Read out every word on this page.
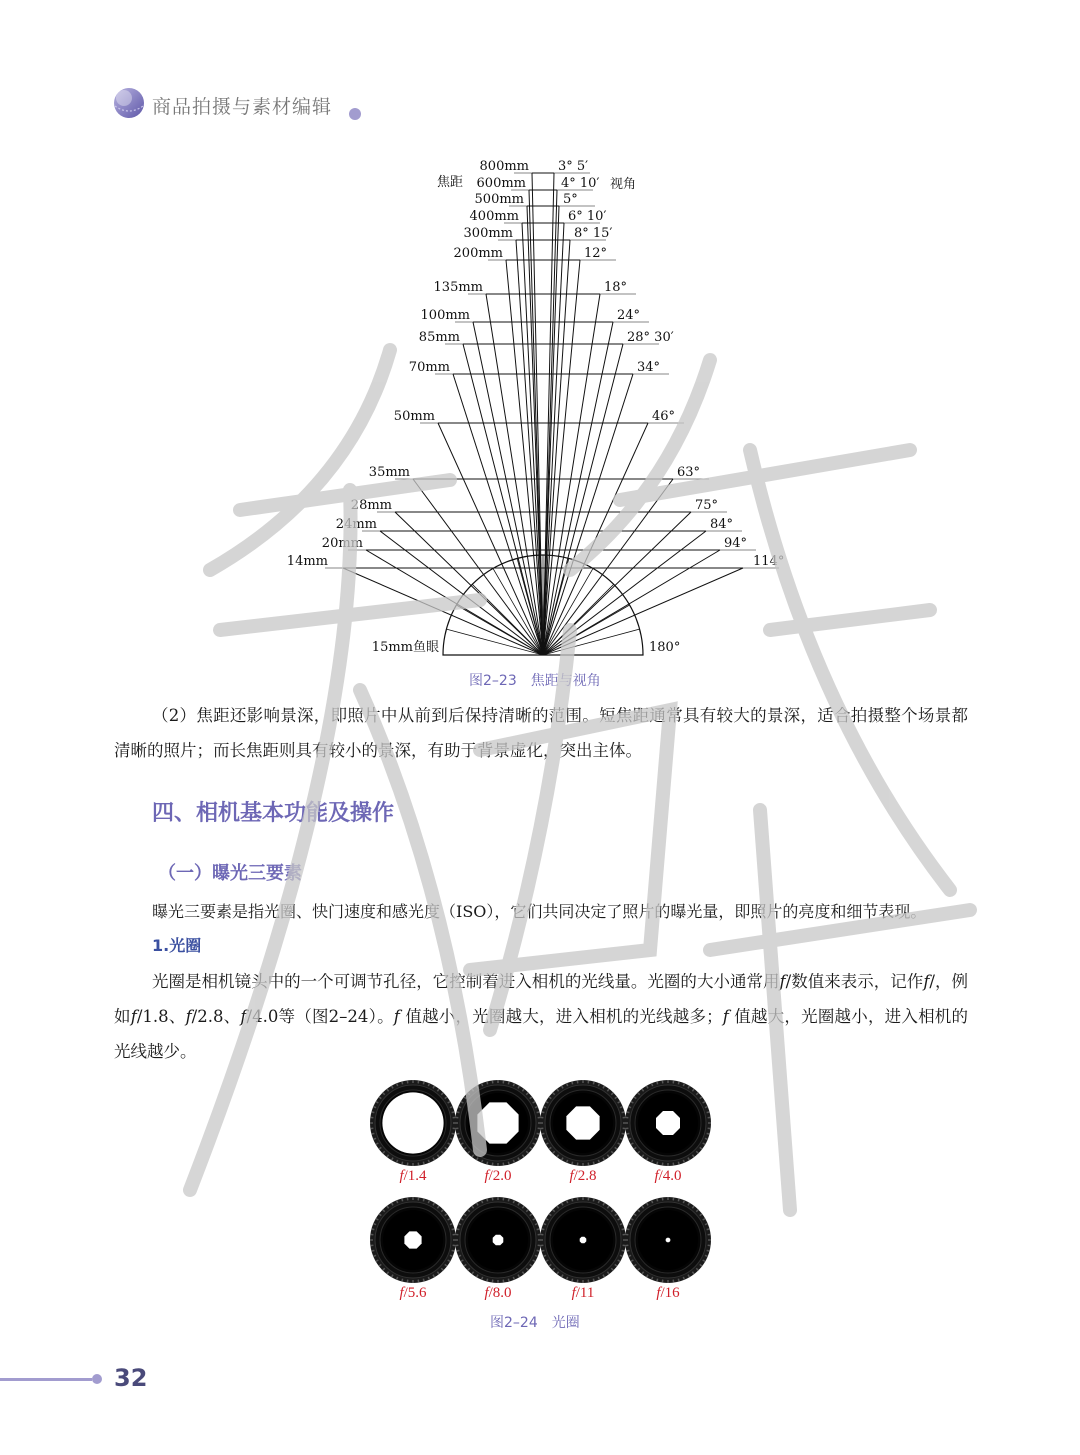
商品拍摄与素材编辑
800mm 3° 5′
600mm	4° 10′
500mm	5°
400mm	6° 10′
300mm	8° 15′
200mm	12°
135mm	18°
100mm	24°
85mm	28° 30′
70mm	34°
50mm	46°
35mm	63°
28mm	75°
24mm	84°
20mm	94°
14mm	114°
15mm鱼眼	180°
焦距	视角
图2–23　焦距与视角
（2）焦距还影响景深，即照片中从前到后保持清晰的范围。短焦距通常具有较大的景深，适合拍摄整个场景都清晰的照片；而长焦距则具有较小的景深，有助于背景虚化，突出主体。
四、相机基本功能及操作
（一）曝光三要素
曝光三要素是指光圈、快门速度和感光度（ISO），它们共同决定了照片的曝光量，即照片的亮度和细节表现。
1.光圈
光圈是相机镜头中的一个可调节孔径，它控制着进入相机的光线量。光圈的大小通常用f/数值来表示，记作f/，例如f/1.8、f/2.8、f/4.0等（图2–24）。f 值越小，光圈越大，进入相机的光线越多；f 值越大，光圈越小，进入相机的光线越少。
f/1.4	f/2.0	f/2.8	f/4.0
f/5.6	f/8.0	f/11	f/16
图2–24　光圈
32
